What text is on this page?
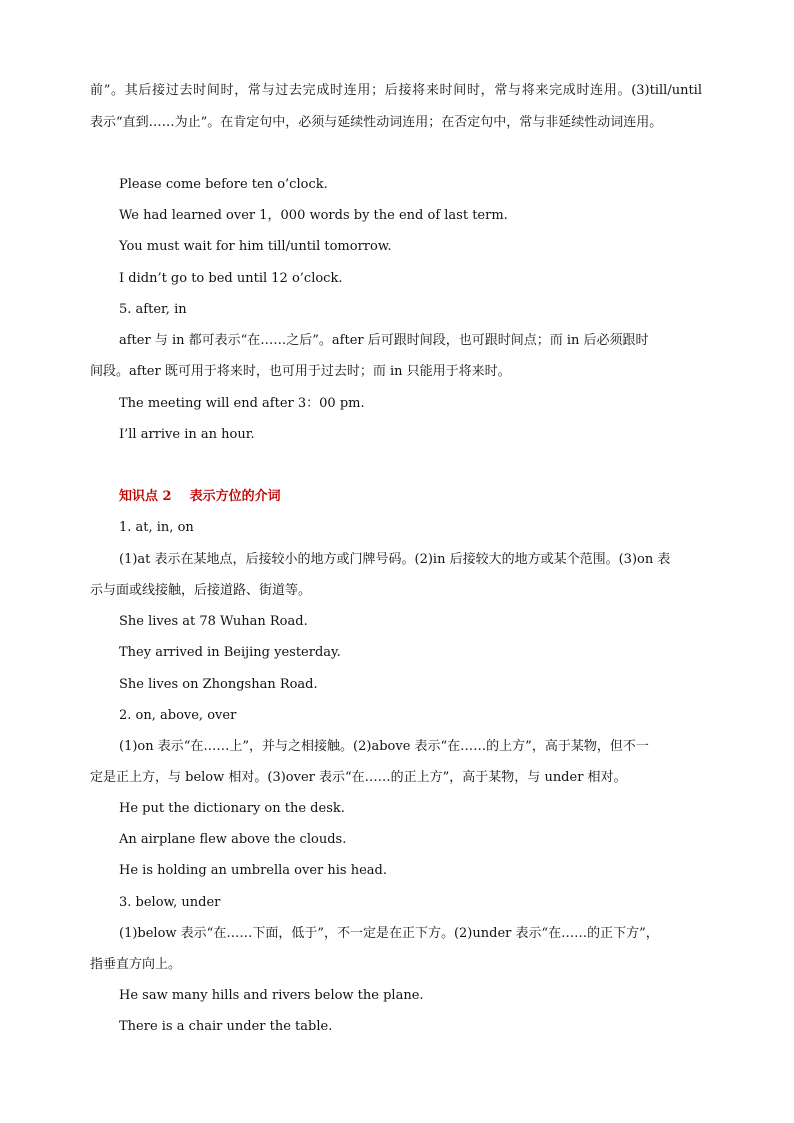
前”。其后接过去时间时，常与过去完成时连用；后接将来时间时，常与将来完成时连用。(3)till/until
表示“直到……为止”。在肯定句中，必须与延续性动词连用；在否定句中，常与非延续性动词连用。
Please come before ten o’clock.
We had learned over 1，000 words by the end of last term.
You must wait for him till/until tomorrow.
I didn’t go to bed until 12 o’clock.
5. after, in
after 与 in 都可表示“在……之后”。after 后可跟时间段，也可跟时间点；而 in 后必须跟时
间段。after 既可用于将来时，也可用于过去时；而 in 只能用于将来时。
The meeting will end after 3：00 pm.
I’ll arrive in an hour.
知识点 2 表示方位的介词
1. at, in, on
(1)at 表示在某地点，后接较小的地方或门牌号码。(2)in 后接较大的地方或某个范围。(3)on 表
示与面或线接触，后接道路、街道等。
She lives at 78 Wuhan Road.
They arrived in Beijing yesterday.
She lives on Zhongshan Road.
2. on, above, over
(1)on 表示“在……上”，并与之相接触。(2)above 表示“在……的上方”，高于某物，但不一
定是正上方，与 below 相对。(3)over 表示“在……的正上方”，高于某物，与 under 相对。
He put the dictionary on the desk.
An airplane flew above the clouds.
He is holding an umbrella over his head.
3. below, under
(1)below 表示“在……下面，低于”，不一定是在正下方。(2)under 表示“在……的正下方”，
指垂直方向上。
He saw many hills and rivers below the plane.
There is a chair under the table.
